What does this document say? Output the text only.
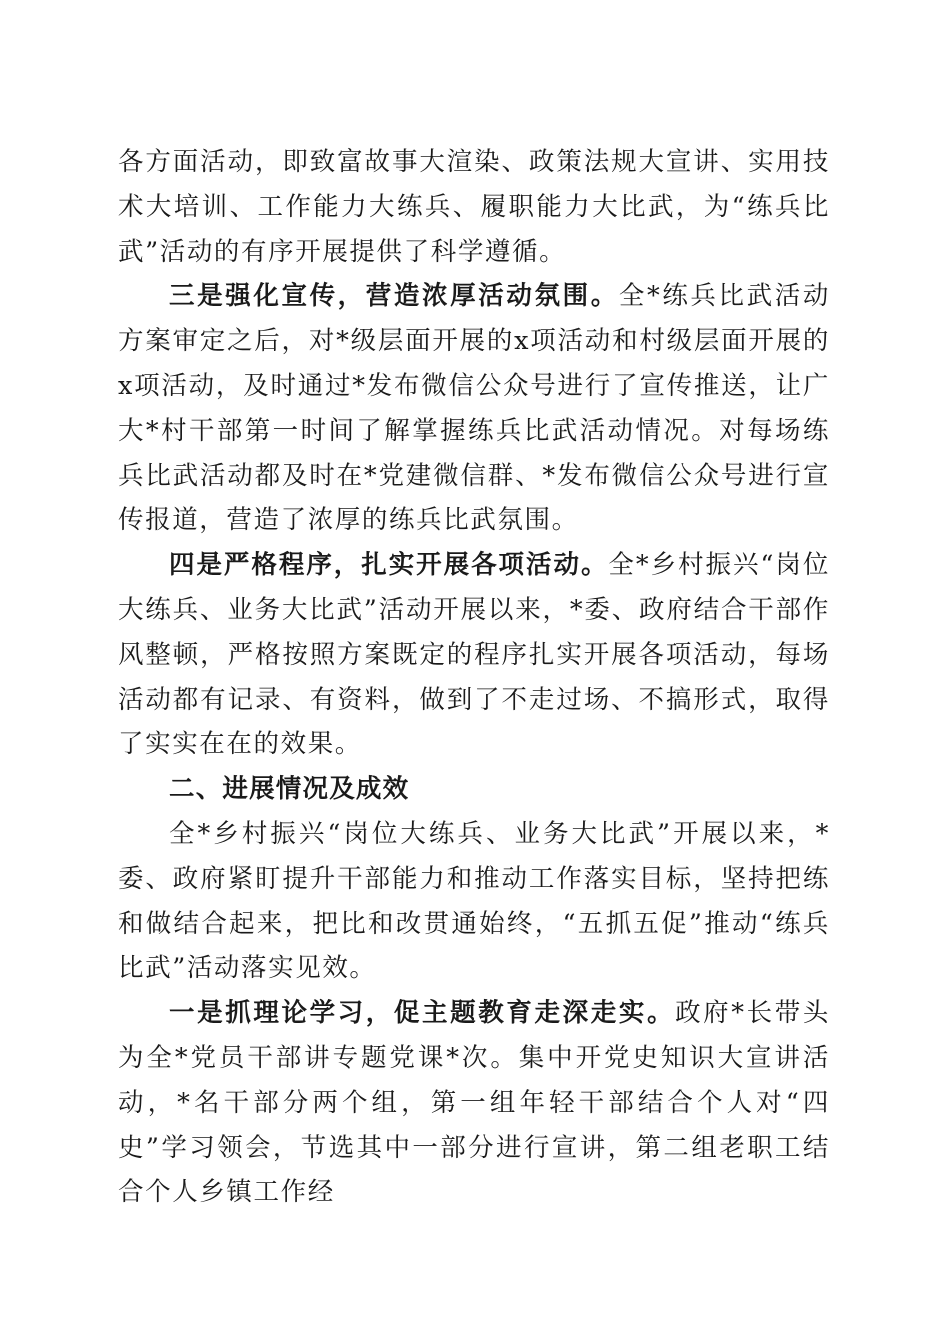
各方面活动，即致富故事大渲染、政策法规大宣讲、实用技术大培训、工作能力大练兵、履职能力大比武，为“练兵比武”活动的有序开展提供了科学遵循。

三是强化宣传，营造浓厚活动氛围。全*练兵比武活动方案审定之后，对*级层面开展的x项活动和村级层面开展的x项活动，及时通过*发布微信公众号进行了宣传推送，让广大*村干部第一时间了解掌握练兵比武活动情况。对每场练兵比武活动都及时在*党建微信群、*发布微信公众号进行宣传报道，营造了浓厚的练兵比武氛围。

四是严格程序，扎实开展各项活动。全*乡村振兴“岗位大练兵、业务大比武”活动开展以来，*委、政府结合干部作风整顿，严格按照方案既定的程序扎实开展各项活动，每场活动都有记录、有资料，做到了不走过场、不搞形式，取得了实实在在的效果。

二、进展情况及成效

全*乡村振兴“岗位大练兵、业务大比武”开展以来，*委、政府紧盯提升干部能力和推动工作落实目标，坚持把练和做结合起来，把比和改贯通始终，“五抓五促”推动“练兵比武”活动落实见效。

一是抓理论学习，促主题教育走深走实。政府*长带头为全*党员干部讲专题党课*次。集中开党史知识大宣讲活动，*名干部分两个组，第一组年轻干部结合个人对“四史”学习领会，节选其中一部分进行宣讲，第二组老职工结合个人乡镇工作经
